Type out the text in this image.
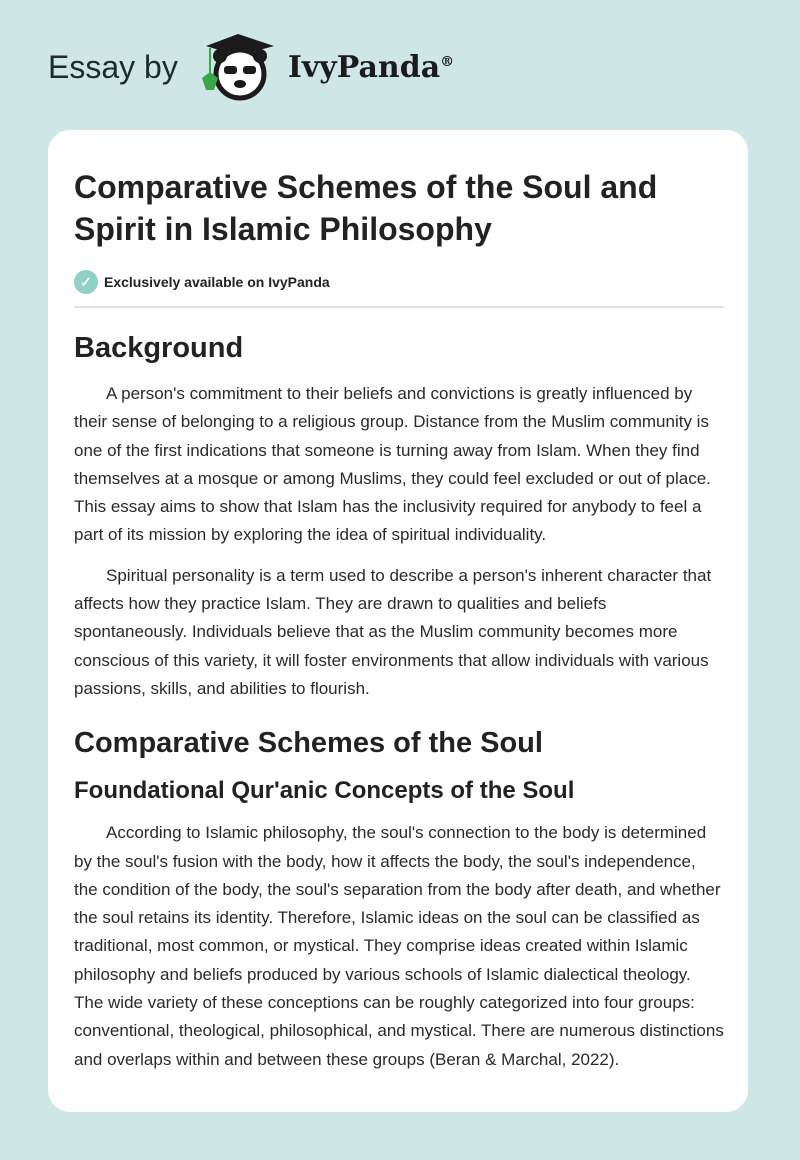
Essay by	IvyPanda®
Comparative Schemes of the Soul and Spirit in Islamic Philosophy
✓ Exclusively available on IvyPanda
Background

A person's commitment to their beliefs and convictions is greatly influenced by their sense of belonging to a religious group. Distance from the Muslim community is one of the first indications that someone is turning away from Islam. When they find themselves at a mosque or among Muslims, they could feel excluded or out of place. This essay aims to show that Islam has the inclusivity required for anybody to feel a part of its mission by exploring the idea of spiritual individuality.

Spiritual personality is a term used to describe a person's inherent character that affects how they practice Islam. They are drawn to qualities and beliefs spontaneously. Individuals believe that as the Muslim community becomes more conscious of this variety, it will foster environments that allow individuals with various passions, skills, and abilities to flourish.

Comparative Schemes of the Soul
Foundational Qur'anic Concepts of the Soul

According to Islamic philosophy, the soul's connection to the body is determined by the soul's fusion with the body, how it affects the body, the soul's independence, the condition of the body, the soul's separation from the body after death, and whether the soul retains its identity. Therefore, Islamic ideas on the soul can be classified as traditional, most common, or mystical. They comprise ideas created within Islamic philosophy and beliefs produced by various schools of Islamic dialectical theology. The wide variety of these conceptions can be roughly categorized into four groups: conventional, theological, philosophical, and mystical. There are numerous distinctions and overlaps within and between these groups (Beran & Marchal, 2022).
